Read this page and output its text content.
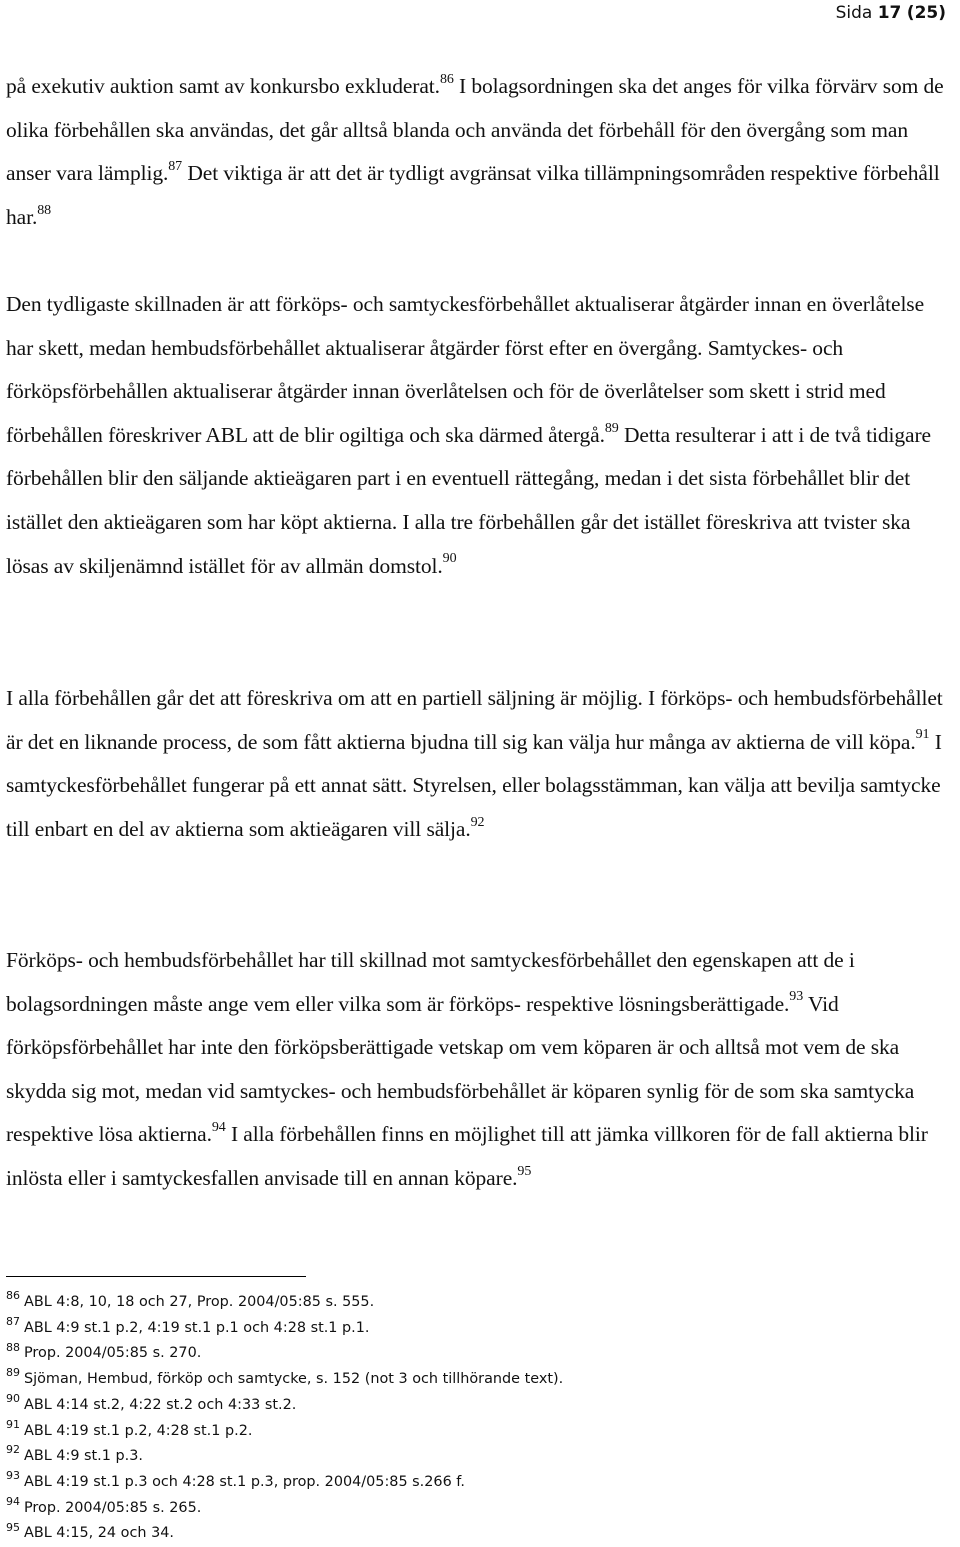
Sida 17 (25)

på exekutiv auktion samt av konkursbo exkluderat.$^{86}$ I bolagsordningen ska det anges för vilka förvärv som de olika förbehållen ska användas, det går alltså blanda och använda det förbehåll för den övergång som man anser vara lämplig.$^{87}$ Det viktiga är att det är tydligt avgränsat vilka tillämpningsområden respektive förbehåll har.$^{88}$

Den tydligaste skillnaden är att förköps- och samtyckesförbehållet aktualiserar åtgärder innan en överlåtelse har skett, medan hembudsförbehållet aktualiserar åtgärder först efter en övergång. Samtyckes- och förköpsförbehållen aktualiserar åtgärder innan överlåtelsen och för de överlåtelser som skett i strid med förbehållen föreskriver ABL att de blir ogiltiga och ska därmed återgå.$^{89}$ Detta resulterar i att i de två tidigare förbehållen blir den säljande aktieägaren part i en eventuell rättegång, medan i det sista förbehållet blir det istället den aktieägaren som har köpt aktierna. I alla tre förbehållen går det istället föreskriva att tvister ska lösas av skiljenämnd istället för av allmän domstol.$^{90}$

I alla förbehållen går det att föreskriva om att en partiell säljning är möjlig. I förköps- och hembudsförbehållet är det en liknande process, de som fått aktierna bjudna till sig kan välja hur många av aktierna de vill köpa.$^{91}$ I samtyckesförbehållet fungerar på ett annat sätt. Styrelsen, eller bolagsstämman, kan välja att bevilja samtycke till enbart en del av aktierna som aktieägaren vill sälja.$^{92}$

Förköps- och hembudsförbehållet har till skillnad mot samtyckesförbehållet den egenskapen att de i bolagsordningen måste ange vem eller vilka som är förköps- respektive lösningsberättigade.$^{93}$ Vid förköpsförbehållet har inte den förköpsberättigade vetskap om vem köparen är och alltså mot vem de ska skydda sig mot, medan vid samtyckes- och hembudsförbehållet är köparen synlig för de som ska samtycka respektive lösa aktierna.$^{94}$ I alla förbehållen finns en möjlighet till att jämka villkoren för de fall aktierna blir inlösta eller i samtyckesfallen anvisade till en annan köpare.$^{95}$

$^{86}$ ABL 4:8, 10, 18 och 27, Prop. 2004/05:85 s. 555.
$^{87}$ ABL 4:9 st.1 p.2, 4:19 st.1 p.1 och 4:28 st.1 p.1.
$^{88}$ Prop. 2004/05:85 s. 270.
$^{89}$ Sjöman, Hembud, förköp och samtycke, s. 152 (not 3 och tillhörande text).
$^{90}$ ABL 4:14 st.2, 4:22 st.2 och 4:33 st.2.
$^{91}$ ABL 4:19 st.1 p.2, 4:28 st.1 p.2.
$^{92}$ ABL 4:9 st.1 p.3.
$^{93}$ ABL 4:19 st.1 p.3 och 4:28 st.1 p.3, prop. 2004/05:85 s.266 f.
$^{94}$ Prop. 2004/05:85 s. 265.
$^{95}$ ABL 4:15, 24 och 34.
